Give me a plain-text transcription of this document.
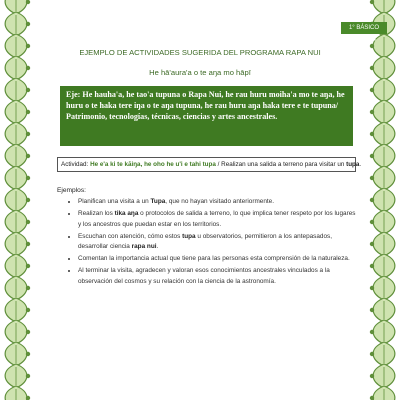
1° BÁSICO Unidad 4
EJEMPLO DE ACTIVIDADES SUGERIDA DEL PROGRAMA RAPA NUI
He hā'aura'a o te aŋa mo hāpī
Eje: He hauha'a, he tao'a tupuna o Rapa Nui, he rau huru moiha'a mo te aŋa, he huru o te haka tere iŋa o te aŋa tupuna, he rau huru aŋa haka tere e te tupuna/ Patrimonio, tecnologías, técnicas, ciencias y artes ancestrales.
Actividad: He e'a ki te kāiŋa, he oho he u'i e tahi tupa / Realizan una salida a terreno para visitar un tupa.
Ejemplos:
• Planifican una visita a un Tupa, que no hayan visitado anteriormente.
• Realizan los tika aŋa o protocolos de salida a terreno, lo que implica tener respeto por los lugares y los ancestros que puedan estar en los territorios.
• Escuchan con atención, cómo estos tupa u observatorios, permitieron a los antepasados, desarrollar ciencia rapa nui.
• Comentan la importancia actual que tiene para las personas esta comprensión de la naturaleza.
• Al terminar la visita, agradecen y valoran esos conocimientos ancestrales vinculados a la observación del cosmos y su relación con la ciencia de la astronomía.
